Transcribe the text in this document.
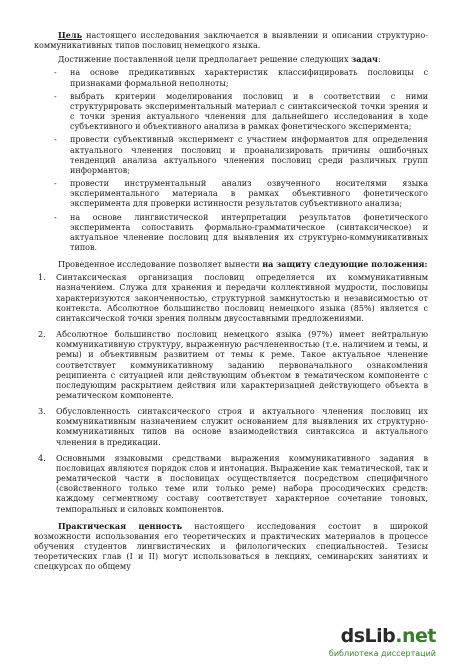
Цель настоящего исследования заключается в выявлении и описании структурно-коммуникативных типов пословиц немецкого языка.

Достижение поставленной цели предполагает решение следующих задач:

- на основе предикативных характеристик классифицировать пословицы с признаками формальной неполноты;
- выбрать критерии моделирования пословиц и в соответствии с ними структурировать экспериментальный материал с синтаксической точки зрения и с точки зрения актуального членения для дальнейшего исследования в ходе субъективного и объективного анализа в рамках фонетического эксперимента;
- провести субъективный эксперимент с участием информантов для определения актуального членения пословиц и проанализировать причины ошибочных тенденций анализа актуального членения пословиц среди различных групп информантов;
- провести инструментальный анализ озвученного носителями языка экспериментального материала в рамках объективного фонетического эксперимента для проверки истинности результатов субъективного анализа;
- на основе лингвистической интерпретации результатов фонетического эксперимента сопоставить формально-грамматическое (синтаксическое) и актуальное членение пословиц для выявления их структурно-коммуникативных типов.

Проведенное исследование позволяет вынести на защиту следующие положения:

1. Синтаксическая организация пословиц определяется их коммуникативным назначением. Служа для хранения и передачи коллективной мудрости, пословицы характеризуются законченностью, структурной замкнутостью и независимостью от контекста. Абсолютное большинство пословиц немецкого языка (85%) является с синтаксической точки зрения полным двусоставными предложениями.
2. Абсолютное большинство пословиц немецкого языка (97%) имеет нейтральную коммуникативную структуру, выраженную расчлененностью (т.е. наличием и темы, и ремы) и объективным развитием от темы к реме. Такое актуальное членение соответствует коммуникативному заданию первоначального ознакомления реципиента с ситуацией или действующим объектом в тематическом компоненте с последующим раскрытием действия или характеризацией действующего объекта в рематическом компоненте.
3. Обусловленность синтаксического строя и актуального членения пословиц их коммуникативным назначением служит основанием для выявления их структурно-коммуникативных типов на основе взаимодействия синтаксиса и актуального членения в предикации.
4. Основными языковыми средствами выражения коммуникативного задания в пословицах являются порядок слов и интонация. Выражение как тематической, так и рематической части в пословицах осуществляется посредством специфичного (свойственного только теме или только реме) набора просодических средств: каждому сегментному составу соответствует характерное сочетание тоновых, темпоральных и силовых компонентов.

Практическая ценность настоящего исследования состоит в широкой возможности использования его теоретических и практических материалов в процессе обучения студентов лингвистических и филологических специальностей. Тезисы теоретических глав (I и II) могут использоваться в лекциях, семинарских занятиях и спецкурсах по общему

dsLib.net
библиотека диссертаций
